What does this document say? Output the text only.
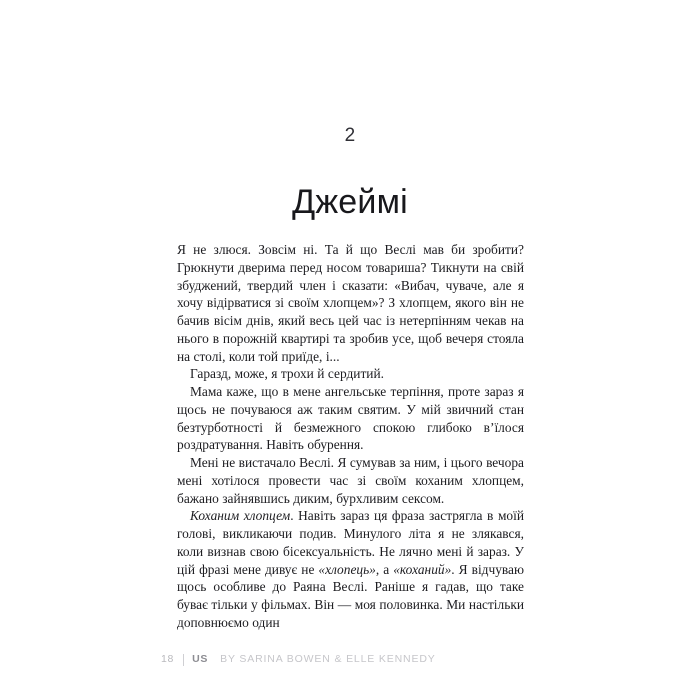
2
Джеймі

Я не злюся. Зовсім ні. Та й що Веслі мав би зробити? Грюкнути дверима перед носом товариша? Тикнути на свій збуджений, твердий член і сказати: «Вибач, чуваче, але я хочу відірватися зі своїм хлопцем»? З хлопцем, якого він не бачив вісім днів, який весь цей час із нетерпінням чекав на нього в порожній квартирі та зробив усе, щоб вечеря стояла на столі, коли той приїде, і...

Гаразд, може, я трохи й сердитий.

Мама каже, що в мене ангельське терпіння, проте зараз я щось не почуваюся аж таким святим. У мій звичний стан безтурботності й безмежного спокою глибоко в’їлося роздратування. Навіть обурення.

Мені не вистачало Веслі. Я сумував за ним, і цього вечора мені хотілося провести час зі своїм коханим хлопцем, бажано зайнявшись диким, бурхливим сексом.

Коханим хлопцем. Навіть зараз ця фраза застрягла в моїй голові, викликаючи подив. Минулого літа я не злякався, коли визнав свою бісексуальність. Не лячно мені й зараз. У цій фразі мене дивує не «хлопець», а «коханий». Я відчуваю щось особливе до Раяна Веслі. Раніше я гадав, що таке буває тільки у фільмах. Він — моя половинка. Ми настільки доповнюємо один

18 US BY SARINA BOWEN & ELLE KENNEDY
